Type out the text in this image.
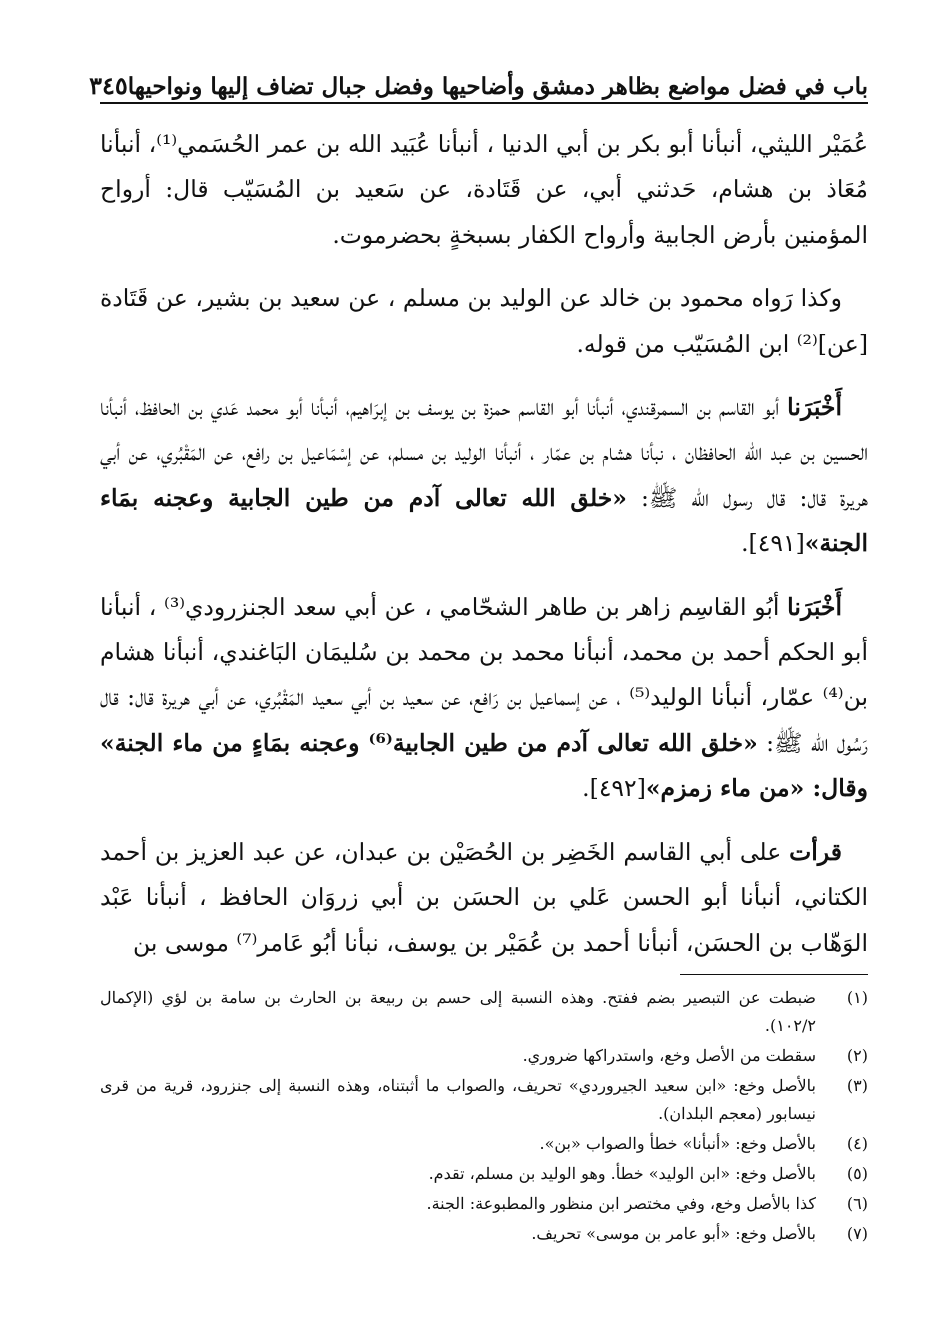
باب في فضل مواضع بظاهر دمشق وأضاحيها وفضل جبال تضاف إليها ونواحيها
٣٤٥

عُمَيْر الليثي، أنبأنا أبو بكر بن أبي الدنيا ، أنبأنا عُبَيد الله بن عمر الحُسَمي⁽¹⁾، أنبأنا مُعَاذ بن هشام، حَدثني أبي، عن قَتَادة، عن سَعيد بن المُسَيّب قال: أرواح المؤمنين بأرض الجابية وأرواح الكفار بسبخةٍ بحضرموت.

وكذا رَواه محمود بن خالد عن الوليد بن مسلم ، عن سعيد بن بشير، عن قَتَادة [عن]⁽²⁾ ابن المُسَيّب من قوله.

أَخْبَرَنا أبو القاسم بن السمرقندي، أنبأنا أبو القاسم حمزة بن يوسف بن إبرَاهيم، أنبأنا أبو محمد عَدي بن الحافظ، أنبأنا الحسين بن عبد الله الحافظان ، نبأنا هشام بن عمّار ، أنبأنا الوليد بن مسلم، عن إسْمَاعيل بن رافع، عن المَقْبُري، عن أبي هريرة قال: قال رسول الله ﷺ: «خلق الله تعالى آدم من طين الجابية وعجنه بمَاء الجنة»[٤٩١].

أَخْبَرَنا أبُو القاسِم زاهر بن طاهر الشحّامي ، عن أبي سعد الجنزرودي⁽³⁾ ، أنبأنا أبو الحكم أحمد بن محمد، أنبأنا محمد بن محمد بن سُليمَان البَاغندي، أنبأنا هشام بن⁽⁴⁾ عمّار، أنبأنا الوليد⁽⁵⁾ ، عن إسماعيل بن رَافع، عن سعيد بن أبي سعيد المَقْبُري، عن أبي هريرة قال: قال رَسُول الله ﷺ: «خلق الله تعالى آدم من طين الجابية⁽⁶⁾ وعجنه بمَاءٍ من ماء الجنة» وقال: «من ماء زمزم»[٤٩٢].

قرأت على أبي القاسم الخَضِر بن الحُصَيْن بن عبدان، عن عبد العزيز بن أحمد الكتاني، أنبأنا أبو الحسن عَلي بن الحسَن بن أبي زروَان الحافظ ، أنبأنا عَبْد الوَهّاب بن الحسَن، أنبأنا أحمد بن عُمَيْر بن يوسف، نبأنا أبُو عَامر⁽⁷⁾ موسى بن

(١)
ضبطت عن التبصير بضم ففتح. وهذه النسبة إلى حسم بن ربيعة بن الحارث بن سامة بن لؤي (الإكمال ١٠٢/٢).
(٢)
سقطت من الأصل وخع، واستدراكها ضروري.
(٣)
بالأصل وخع: «ابن سعيد الجيروردي» تحريف، والصواب ما أثبتناه، وهذه النسبة إلى جنزرود، قرية من قرى نيسابور (معجم البلدان).
(٤)
بالأصل وخع: «أنبأنا» خطأ والصواب «بن».
(٥)
بالأصل وخع: «ابن الوليد» خطأ. وهو الوليد بن مسلم، تقدم.
(٦)
كذا بالأصل وخع، وفي مختصر ابن منظور والمطبوعة: الجنة.
(٧)
بالأصل وخع: «أبو عامر بن موسى» تحريف.
